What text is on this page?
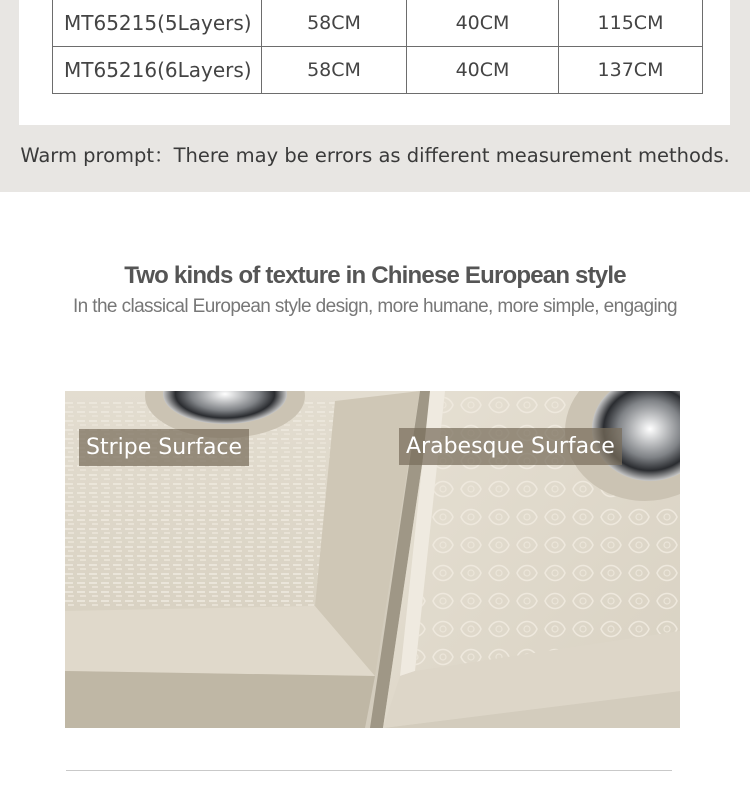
MT65215(5Layers)	58CM	40CM	115CM
MT65216(6Layers)	58CM	40CM	137CM
Warm prompt：There may be errors as different measurement methods.
Two kinds of texture in Chinese European style
In the classical European style design, more humane, more simple, engaging
Stripe Surface	Arabesque Surface
